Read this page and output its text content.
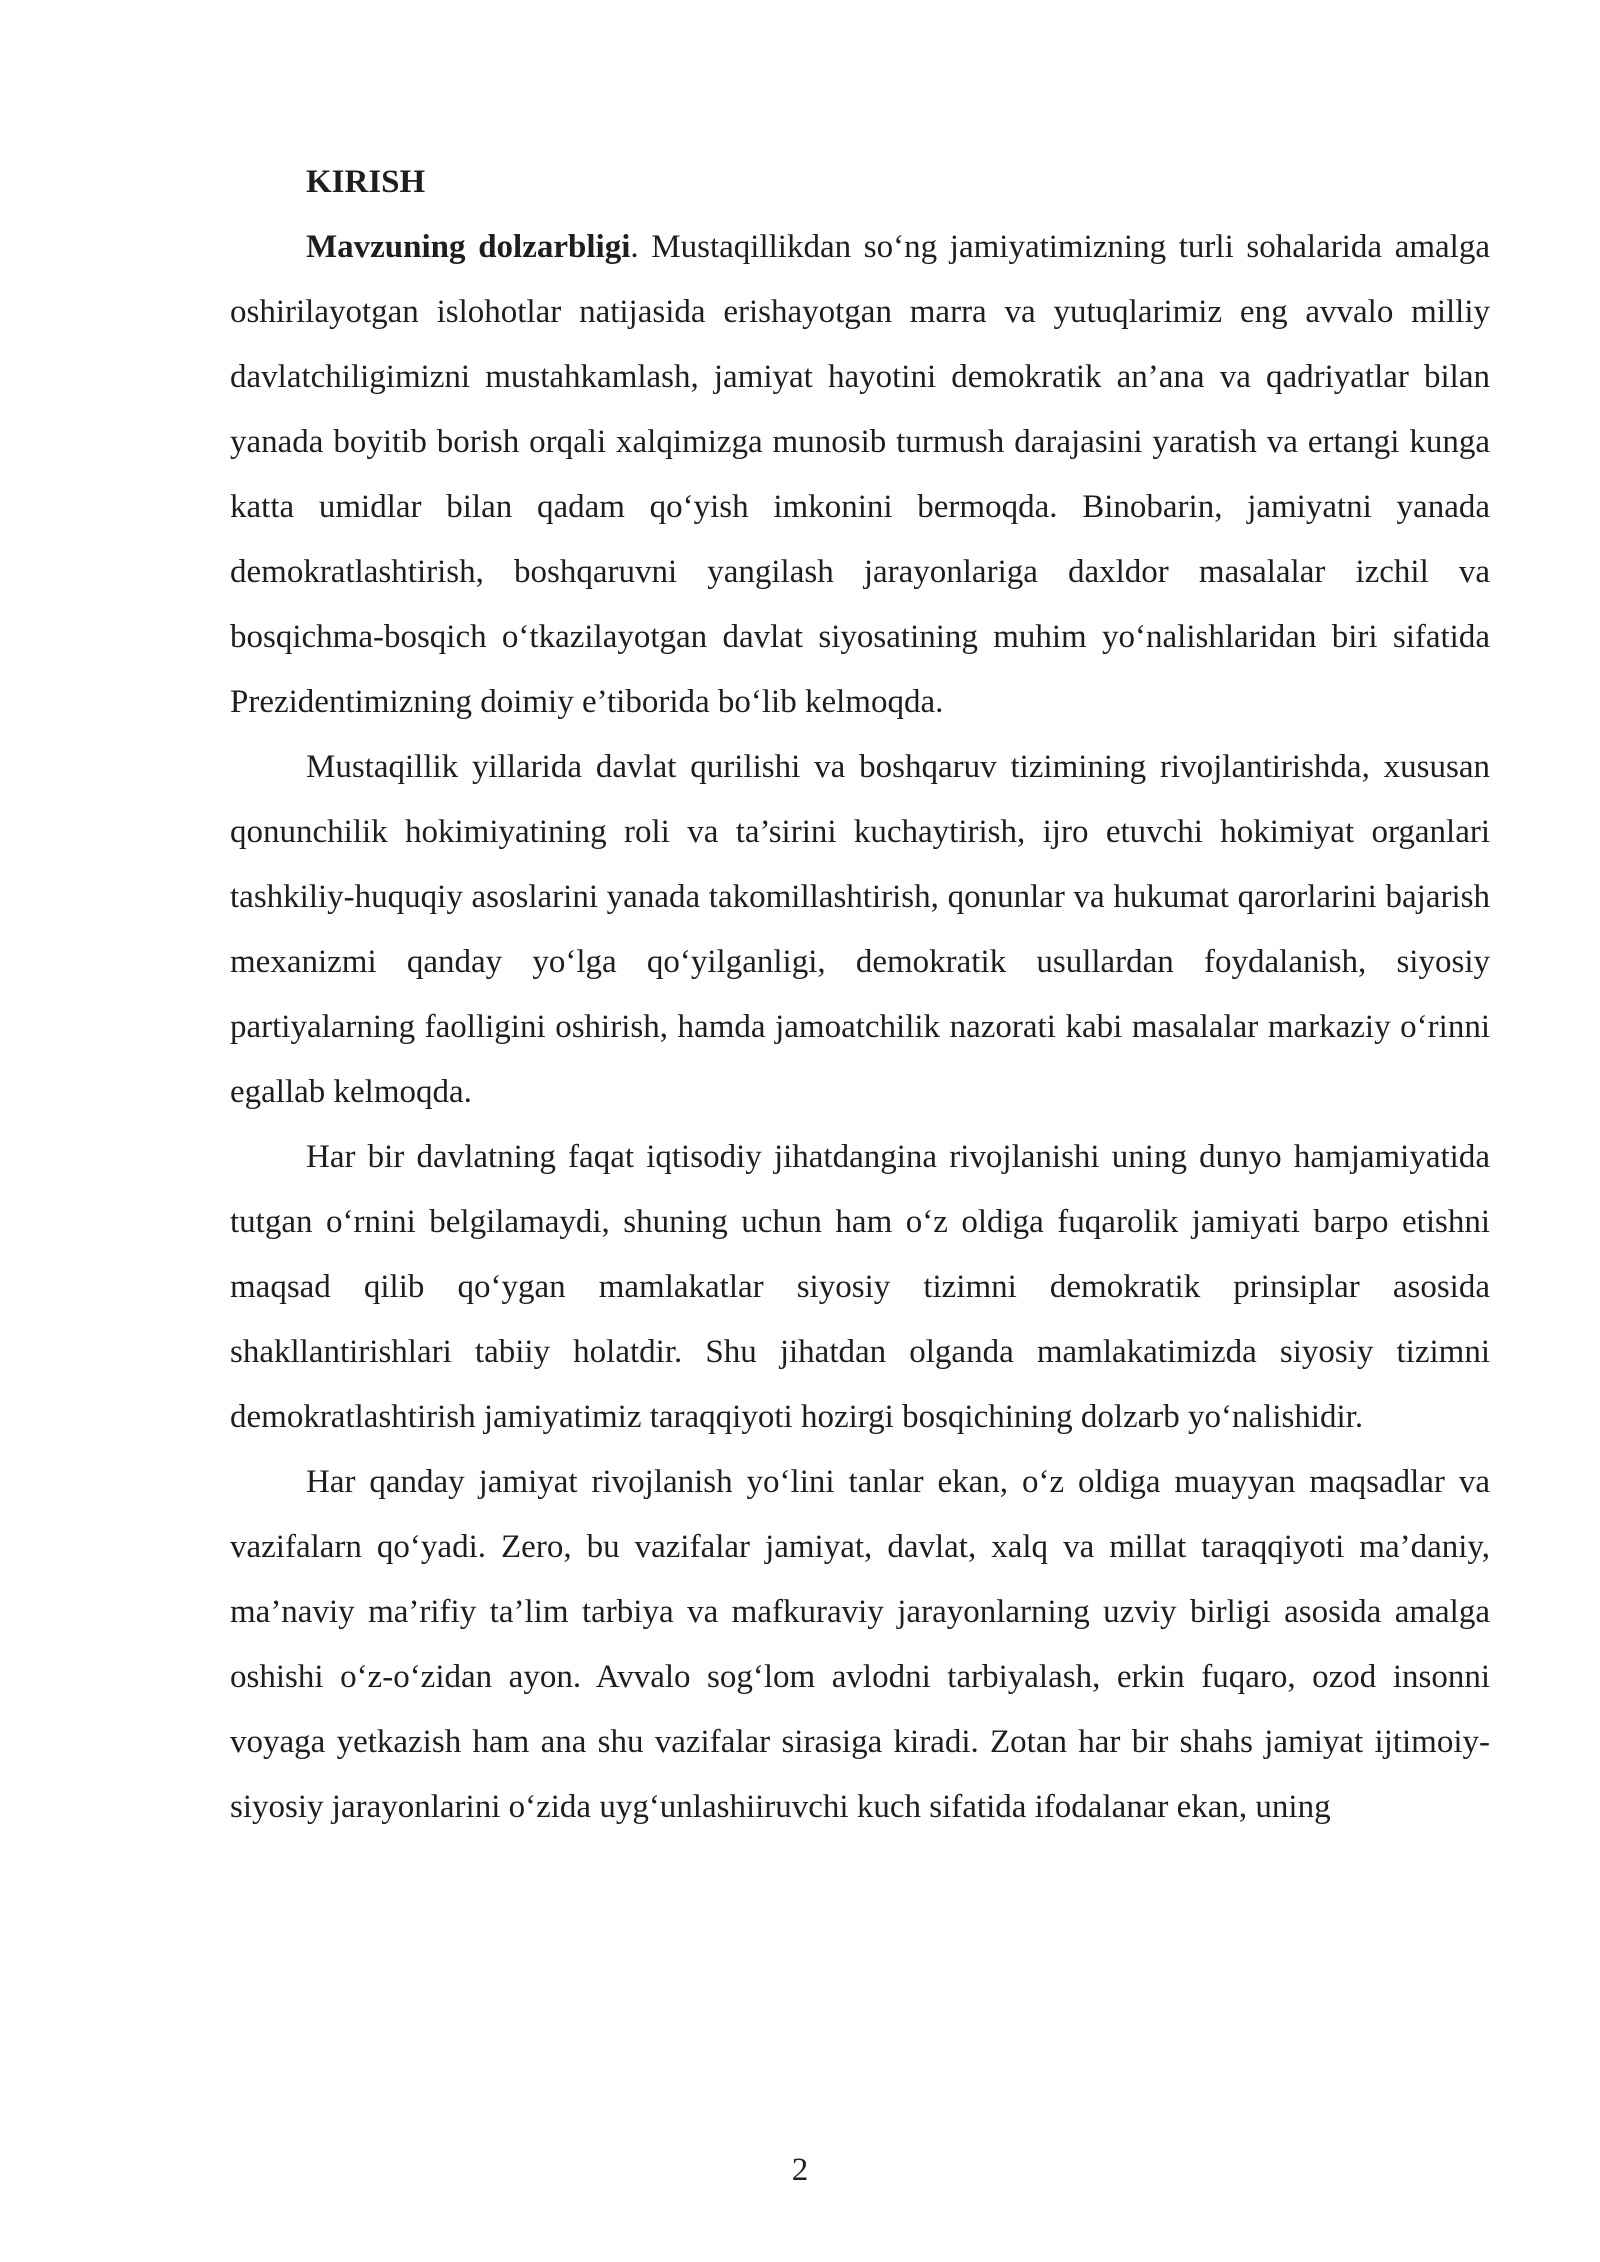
KIRISH

Mavzuning dolzarbligi. Mustaqillikdan so‘ng jamiyatimizning turli sohalarida amalga oshirilayotgan islohotlar natijasida erishayotgan marra va yutuqlarimiz eng avvalo milliy davlatchiligimizni mustahkamlash, jamiyat hayotini demokratik an’ana va qadriyatlar bilan yanada boyitib borish orqali xalqimizga munosib turmush darajasini yaratish va ertangi kunga katta umidlar bilan qadam qo‘yish imkonini bermoqda. Binobarin, jamiyatni yanada demokratlashtirish, boshqaruvni yangilash jarayonlariga daxldor masalalar izchil va bosqichma-bosqich o‘tkazilayotgan davlat siyosatining muhim yo‘nalishlaridan biri sifatida Prezidentimizning doimiy e’tiborida bo‘lib kelmoqda.

Mustaqillik yillarida davlat qurilishi va boshqaruv tizimining rivojlantirishda, xususan qonunchilik hokimiyatining roli va ta’sirini kuchaytirish, ijro etuvchi hokimiyat organlari tashkiliy-huquqiy asoslarini yanada takomillashtirish, qonunlar va hukumat qarorlarini bajarish mexanizmi qanday yo‘lga qo‘yilganligi, demokratik usullardan foydalanish, siyosiy partiyalarning faolligini oshirish, hamda jamoatchilik nazorati kabi masalalar markaziy o‘rinni egallab kelmoqda.

Har bir davlatning faqat iqtisodiy jihatdangina rivojlanishi uning dunyo hamjamiyatida tutgan o‘rnini belgilamaydi, shuning uchun ham o‘z oldiga fuqarolik jamiyati barpo etishni maqsad qilib qo‘ygan mamlakatlar siyosiy tizimni demokratik prinsiplar asosida shakllantirishlari tabiiy holatdir. Shu jihatdan olganda mamlakatimizda siyosiy tizimni demokratlashtirish jamiyatimiz taraqqiyoti hozirgi bosqichining dolzarb yo‘nalishidir.

Har qanday jamiyat rivojlanish yo‘lini tanlar ekan, o‘z oldiga muayyan maqsadlar va vazifalarn qo‘yadi. Zero, bu vazifalar jamiyat, davlat, xalq va millat taraqqiyoti ma’daniy, ma’naviy ma’rifiy ta’lim tarbiya va mafkuraviy jarayonlarning uzviy birligi asosida amalga oshishi o‘z-o‘zidan ayon. Avvalo sog‘lom avlodni tarbiyalash, erkin fuqaro, ozod insonni voyaga yetkazish ham ana shu vazifalar sirasiga kiradi. Zotan har bir shahs jamiyat ijtimoiy-siyosiy jarayonlarini o‘zida uyg‘unlashiiruvchi kuch sifatida ifodalanar ekan, uning

2
